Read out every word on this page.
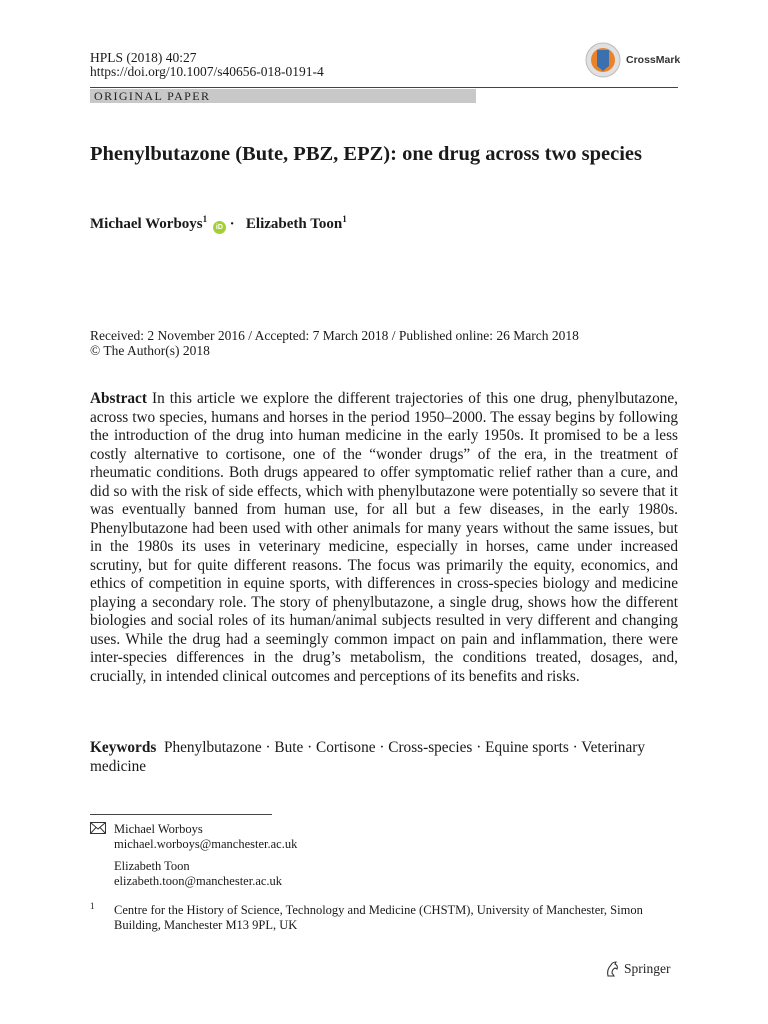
HPLS (2018) 40:27
https://doi.org/10.1007/s40656-018-0191-4
CrossMark
ORIGINAL PAPER
Phenylbutazone (Bute, PBZ, EPZ): one drug across two species
Michael Worboys$^1$ iD · Elizabeth Toon$^1$
Received: 2 November 2016 / Accepted: 7 March 2018 / Published online: 26 March 2018
© The Author(s) 2018

Abstract In this article we explore the different trajectories of this one drug, phenylbutazone, across two species, humans and horses in the period 1950–2000. The essay begins by following the introduction of the drug into human medicine in the early 1950s. It promised to be a less costly alternative to cortisone, one of the “wonder drugs” of the era, in the treatment of rheumatic conditions. Both drugs appeared to offer symptomatic relief rather than a cure, and did so with the risk of side effects, which with phenylbutazone were potentially so severe that it was eventually banned from human use, for all but a few diseases, in the early 1980s. Phenylbutazone had been used with other animals for many years without the same issues, but in the 1980s its uses in veterinary medicine, especially in horses, came under increased scrutiny, but for quite different reasons. The focus was primarily the equity, economics, and ethics of competition in equine sports, with differences in cross-species biology and medicine playing a secondary role. The story of phenylbutazone, a single drug, shows how the different biologies and social roles of its human/animal subjects resulted in very different and changing uses. While the drug had a seemingly common impact on pain and inflammation, there were inter-species differences in the drug’s metabolism, the conditions treated, dosages, and, crucially, in intended clinical outcomes and perceptions of its benefits and risks.

Keywords Phenylbutazone · Bute · Cortisone · Cross-species · Equine sports · Veterinary medicine

Michael Worboys
michael.worboys@manchester.ac.uk
Elizabeth Toon
elizabeth.toon@manchester.ac.uk
1 Centre for the History of Science, Technology and Medicine (CHSTM), University of Manchester, Simon Building, Manchester M13 9PL, UK

Springer
